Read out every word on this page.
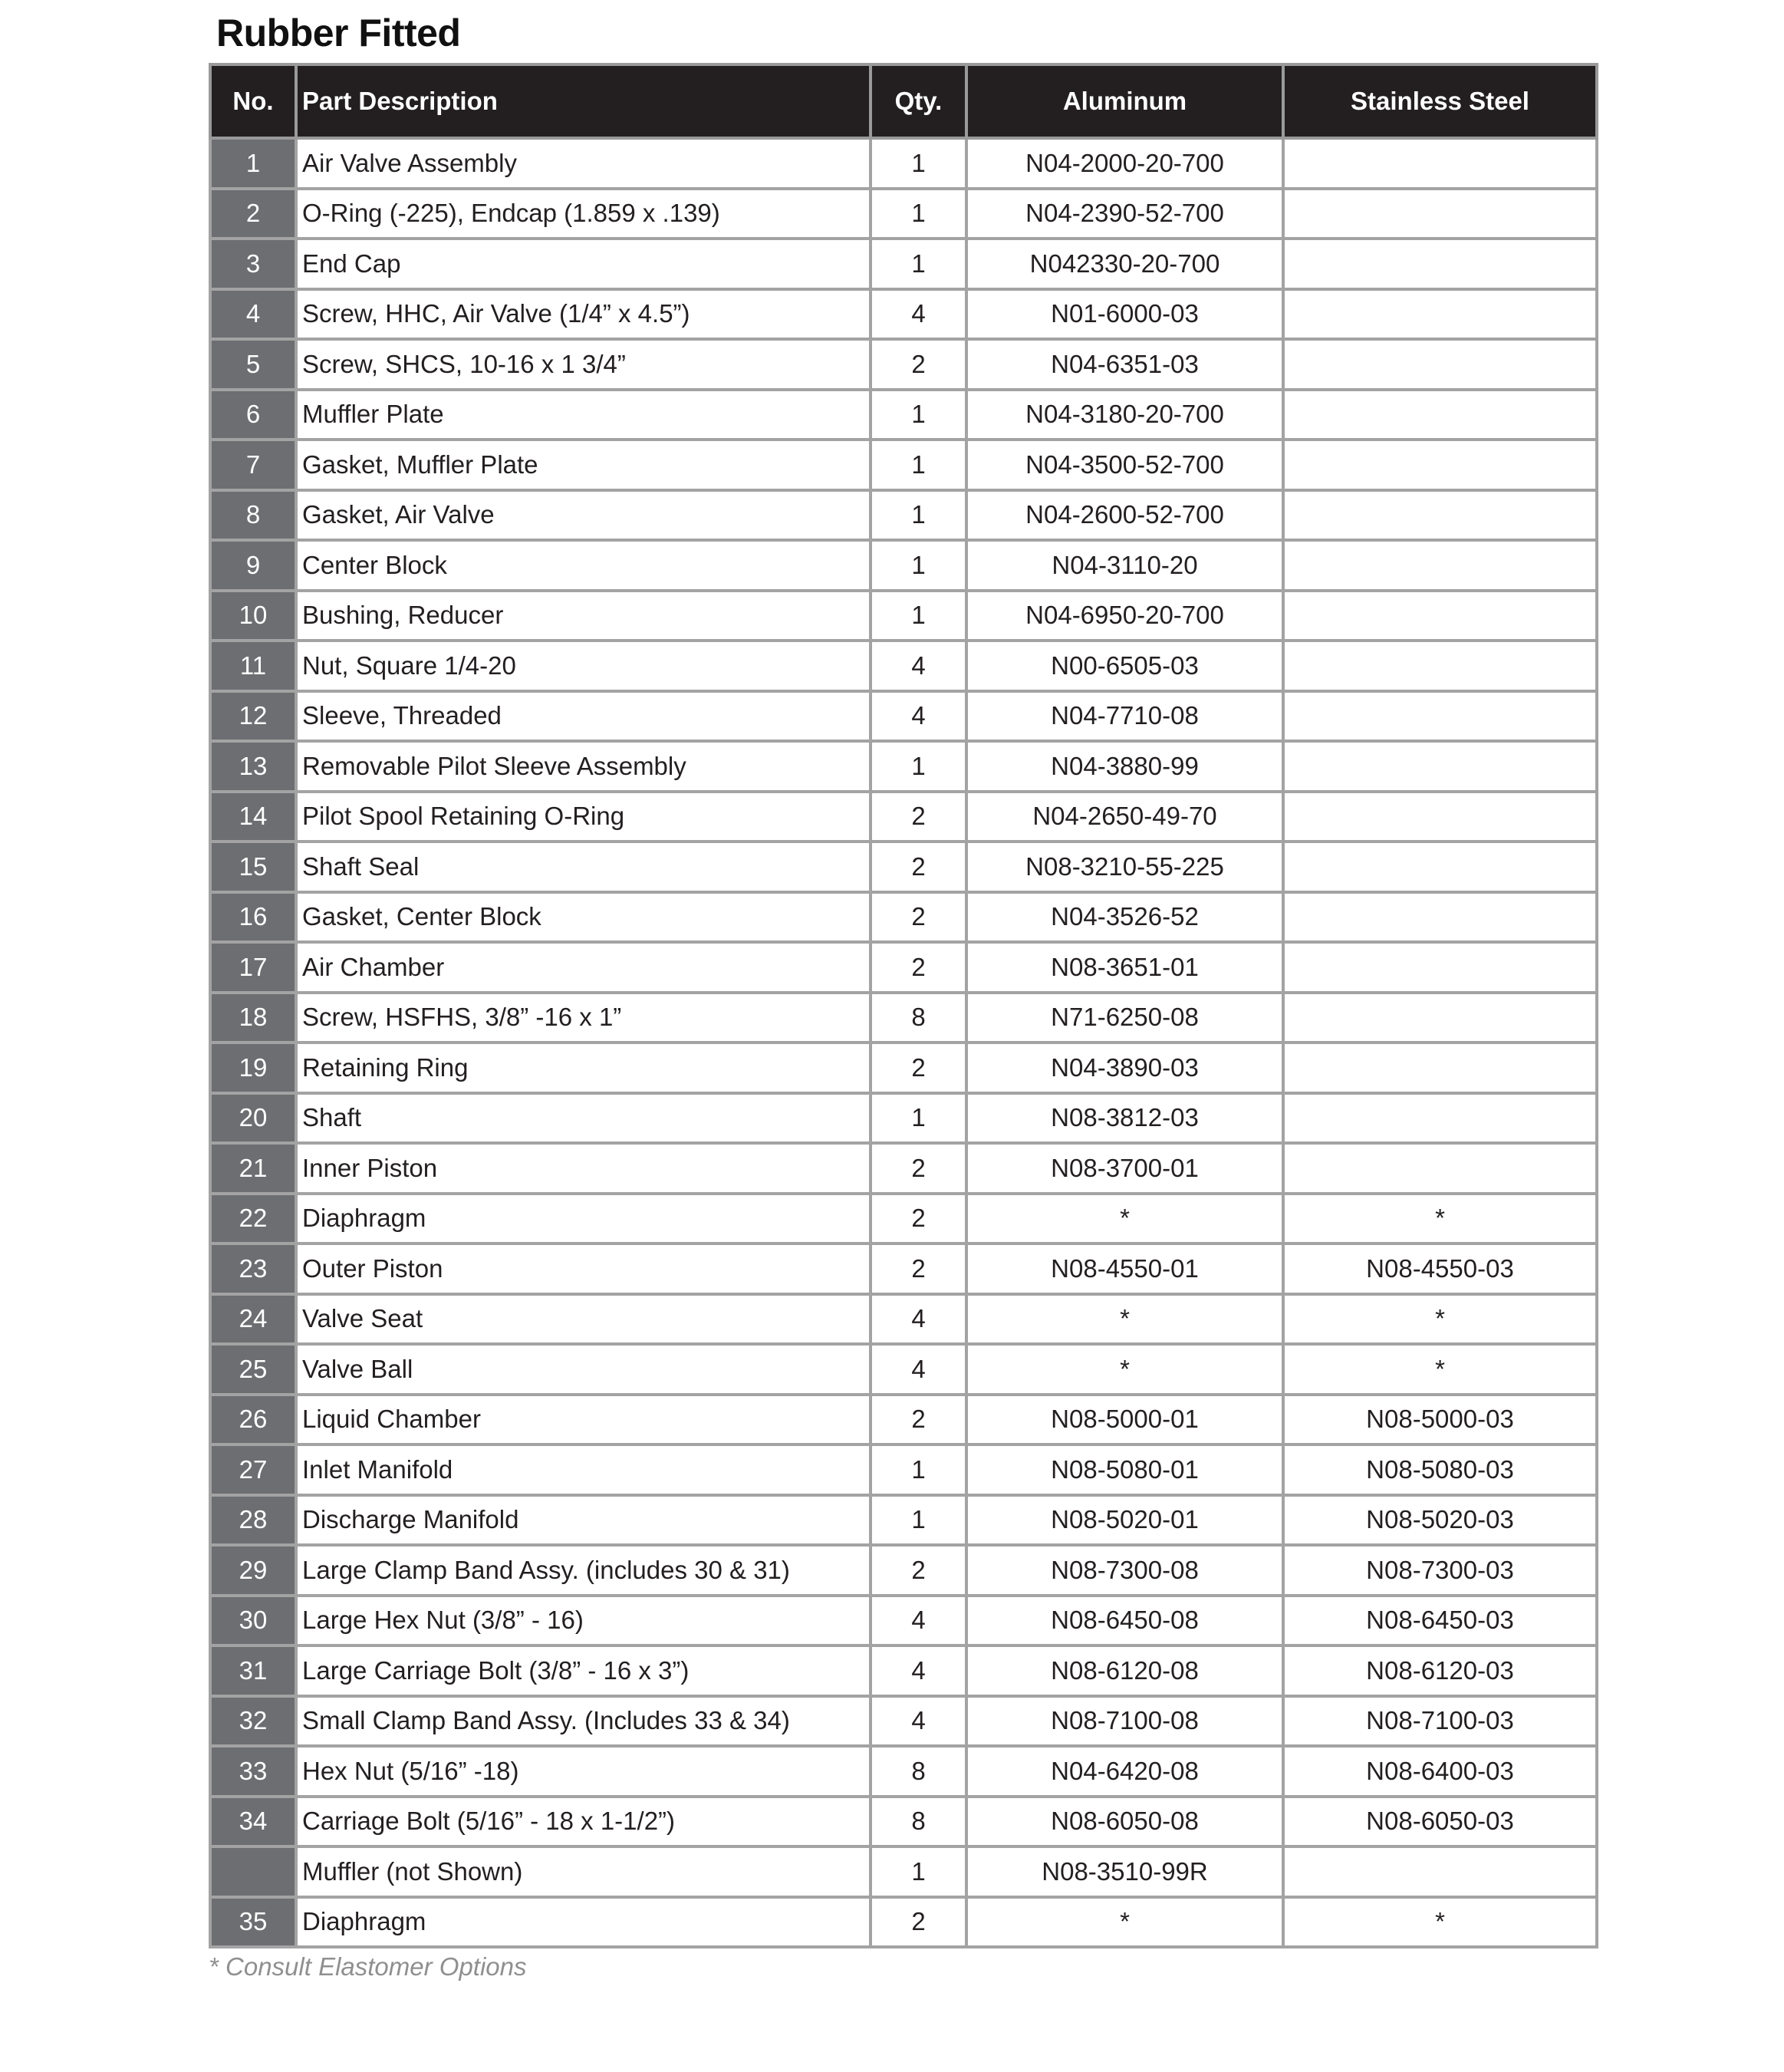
Rubber Fitted
No.	Part Description	Qty.	Aluminum	Stainless Steel
1	Air Valve Assembly	1	N04-2000-20-700	
2	O-Ring (-225), Endcap (1.859 x .139)	1	N04-2390-52-700	
3	End Cap	1	N042330-20-700	
4	Screw, HHC, Air Valve (1/4” x 4.5”)	4	N01-6000-03	
5	Screw, SHCS, 10-16 x 1 3/4”	2	N04-6351-03	
6	Muffler Plate	1	N04-3180-20-700	
7	Gasket, Muffler Plate	1	N04-3500-52-700	
8	Gasket, Air Valve	1	N04-2600-52-700	
9	Center Block	1	N04-3110-20	
10	Bushing, Reducer	1	N04-6950-20-700	
11	Nut, Square 1/4-20	4	N00-6505-03	
12	Sleeve, Threaded	4	N04-7710-08	
13	Removable Pilot Sleeve Assembly	1	N04-3880-99	
14	Pilot Spool Retaining O-Ring	2	N04-2650-49-70	
15	Shaft Seal	2	N08-3210-55-225	
16	Gasket, Center Block	2	N04-3526-52	
17	Air Chamber	2	N08-3651-01	
18	Screw, HSFHS, 3/8” -16 x 1”	8	N71-6250-08	
19	Retaining Ring	2	N04-3890-03	
20	Shaft	1	N08-3812-03	
21	Inner Piston	2	N08-3700-01	
22	Diaphragm	2	*	*
23	Outer Piston	2	N08-4550-01	N08-4550-03
24	Valve Seat	4	*	*
25	Valve Ball	4	*	*
26	Liquid Chamber	2	N08-5000-01	N08-5000-03
27	Inlet Manifold	1	N08-5080-01	N08-5080-03
28	Discharge Manifold	1	N08-5020-01	N08-5020-03
29	Large Clamp Band Assy. (includes 30 & 31)	2	N08-7300-08	N08-7300-03
30	Large Hex Nut (3/8” - 16)	4	N08-6450-08	N08-6450-03
31	Large Carriage Bolt (3/8” - 16 x 3”)	4	N08-6120-08	N08-6120-03
32	Small Clamp Band Assy. (Includes 33 & 34)	4	N08-7100-08	N08-7100-03
33	Hex Nut (5/16” -18)	8	N04-6420-08	N08-6400-03
34	Carriage Bolt (5/16” - 18 x 1-1/2”)	8	N08-6050-08	N08-6050-03
	Muffler (not Shown)	1	N08-3510-99R	
35	Diaphragm	2	*	*
* Consult Elastomer Options
